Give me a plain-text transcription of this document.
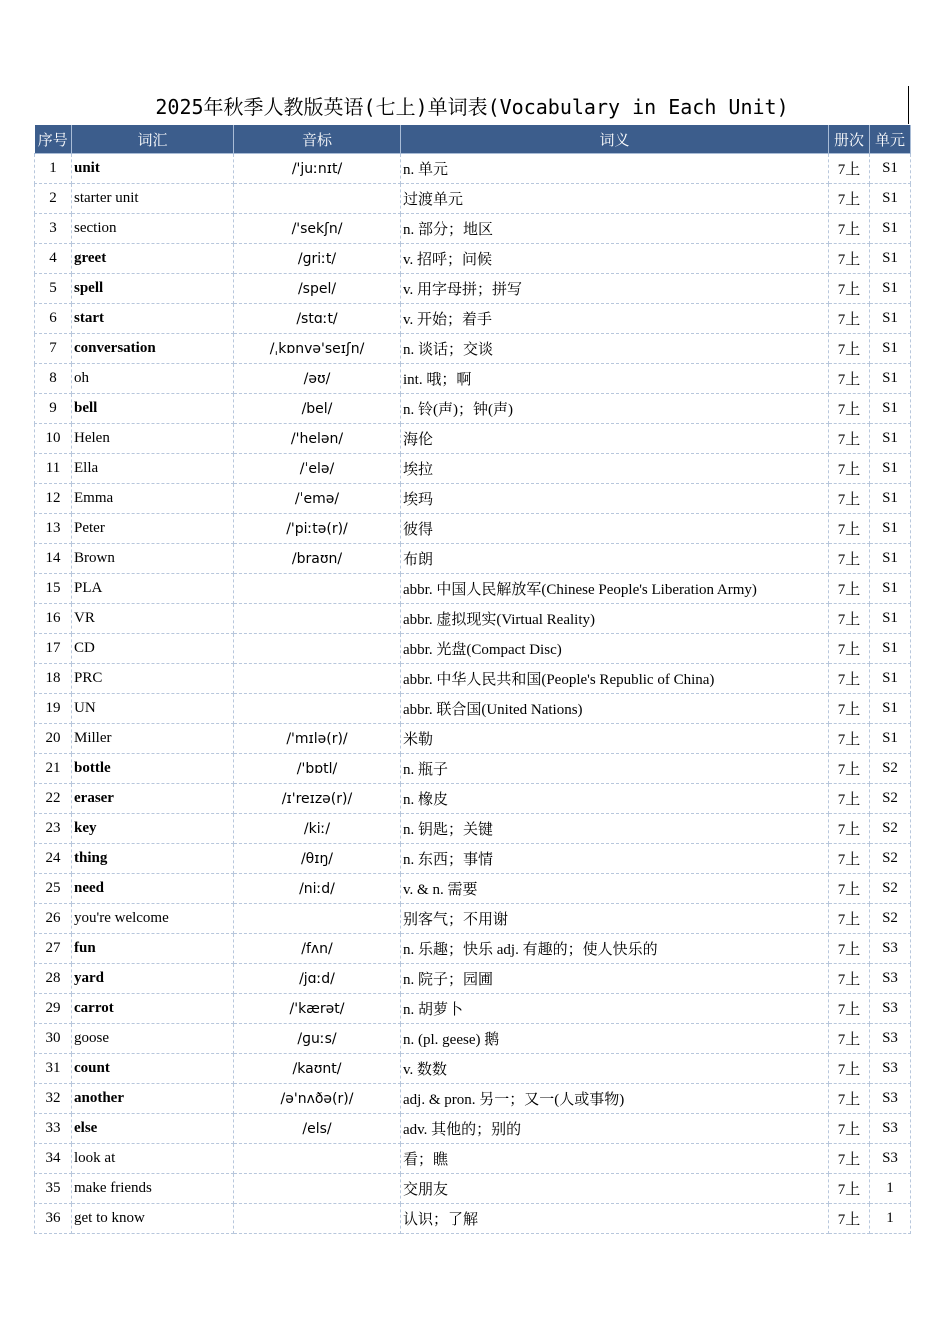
2025年秋季人教版英语(七上)单词表(Vocabulary in Each Unit)
序号	词汇	音标	词义	册次	单元
1	unit	/'juːnɪt/	n. 单元	7上	S1
2	starter unit		过渡单元	7上	S1
3	section	/'sekʃn/	n. 部分；地区	7上	S1
4	greet	/ɡriːt/	v. 招呼；问候	7上	S1
5	spell	/spel/	v. 用字母拼；拼写	7上	S1
6	start	/stɑːt/	v. 开始；着手	7上	S1
7	conversation	/ˌkɒnvə'seɪʃn/	n. 谈话；交谈	7上	S1
8	oh	/əʊ/	int. 哦；啊	7上	S1
9	bell	/bel/	n. 铃(声)；钟(声)	7上	S1
10	Helen	/'helən/	海伦	7上	S1
11	Ella	/ˈelə/	埃拉	7上	S1
12	Emma	/ˈemə/	埃玛	7上	S1
13	Peter	/'piːtə(r)/	彼得	7上	S1
14	Brown	/braʊn/	布朗	7上	S1
15	PLA		abbr. 中国人民解放军(Chinese People's Liberation Army)	7上	S1
16	VR		abbr. 虚拟现实(Virtual Reality)	7上	S1
17	CD		abbr. 光盘(Compact Disc)	7上	S1
18	PRC		abbr. 中华人民共和国(People's Republic of China)	7上	S1
19	UN		abbr. 联合国(United Nations)	7上	S1
20	Miller	/'mɪlə(r)/	米勒	7上	S1
21	bottle	/'bɒtl/	n. 瓶子	7上	S2
22	eraser	/ɪ'reɪzə(r)/	n. 橡皮	7上	S2
23	key	/kiː/	n. 钥匙；关键	7上	S2
24	thing	/θɪŋ/	n. 东西；事情	7上	S2
25	need	/niːd/	v. & n. 需要	7上	S2
26	you're welcome		别客气；不用谢	7上	S2
27	fun	/fʌn/	n. 乐趣；快乐 adj. 有趣的；使人快乐的	7上	S3
28	yard	/jɑːd/	n. 院子；园圃	7上	S3
29	carrot	/'kærət/	n. 胡萝卜	7上	S3
30	goose	/ɡuːs/	n. (pl. geese) 鹅	7上	S3
31	count	/kaʊnt/	v. 数数	7上	S3
32	another	/ə'nʌðə(r)/	adj. & pron. 另一；又一(人或事物)	7上	S3
33	else	/els/	adv. 其他的；别的	7上	S3
34	look at		看；瞧	7上	S3
35	make friends		交朋友	7上	1
36	get to know		认识；了解	7上	1
